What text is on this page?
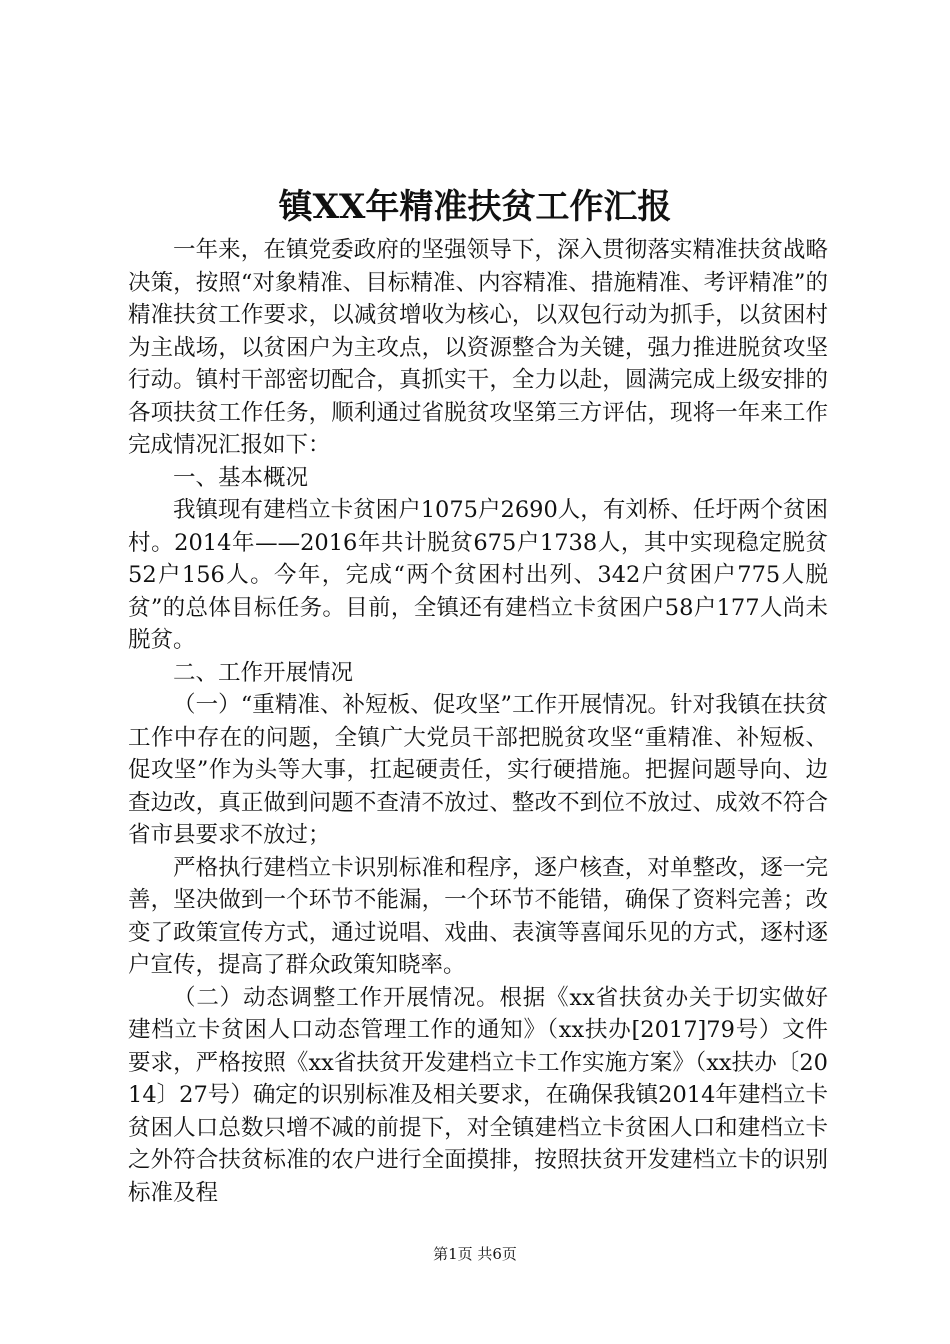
镇XX年精准扶贫工作汇报

一年来，在镇党委政府的坚强领导下，深入贯彻落实精准扶贫战略决策，按照“对象精准、目标精准、内容精准、措施精准、考评精准”的精准扶贫工作要求，以减贫增收为核心，以双包行动为抓手，以贫困村为主战场，以贫困户为主攻点，以资源整合为关键，强力推进脱贫攻坚行动。镇村干部密切配合，真抓实干，全力以赴，圆满完成上级安排的各项扶贫工作任务，顺利通过省脱贫攻坚第三方评估，现将一年来工作完成情况汇报如下：

一、基本概况

我镇现有建档立卡贫困户1075户2690人，有刘桥、任圩两个贫困村。2014年——2016年共计脱贫675户1738人，其中实现稳定脱贫52户156人。今年，完成“两个贫困村出列、342户贫困户775人脱贫”的总体目标任务。目前，全镇还有建档立卡贫困户58户177人尚未脱贫。

二、工作开展情况

（一）“重精准、补短板、促攻坚”工作开展情况。针对我镇在扶贫工作中存在的问题，全镇广大党员干部把脱贫攻坚“重精准、补短板、促攻坚”作为头等大事，扛起硬责任，实行硬措施。把握问题导向、边查边改，真正做到问题不查清不放过、整改不到位不放过、成效不符合省市县要求不放过；

严格执行建档立卡识别标准和程序，逐户核查，对单整改，逐一完善，坚决做到一个环节不能漏，一个环节不能错，确保了资料完善；改变了政策宣传方式，通过说唱、戏曲、表演等喜闻乐见的方式，逐村逐户宣传，提高了群众政策知晓率。

（二）动态调整工作开展情况。根据《xx省扶贫办关于切实做好建档立卡贫困人口动态管理工作的通知》（xx扶办[2017]79号）文件要求，严格按照《xx省扶贫开发建档立卡工作实施方案》（xx扶办〔2014〕27号）确定的识别标准及相关要求，在确保我镇2014年建档立卡贫困人口总数只增不减的前提下，对全镇建档立卡贫困人口和建档立卡之外符合扶贫标准的农户进行全面摸排，按照扶贫开发建档立卡的识别标准及程

第1页 共6页
